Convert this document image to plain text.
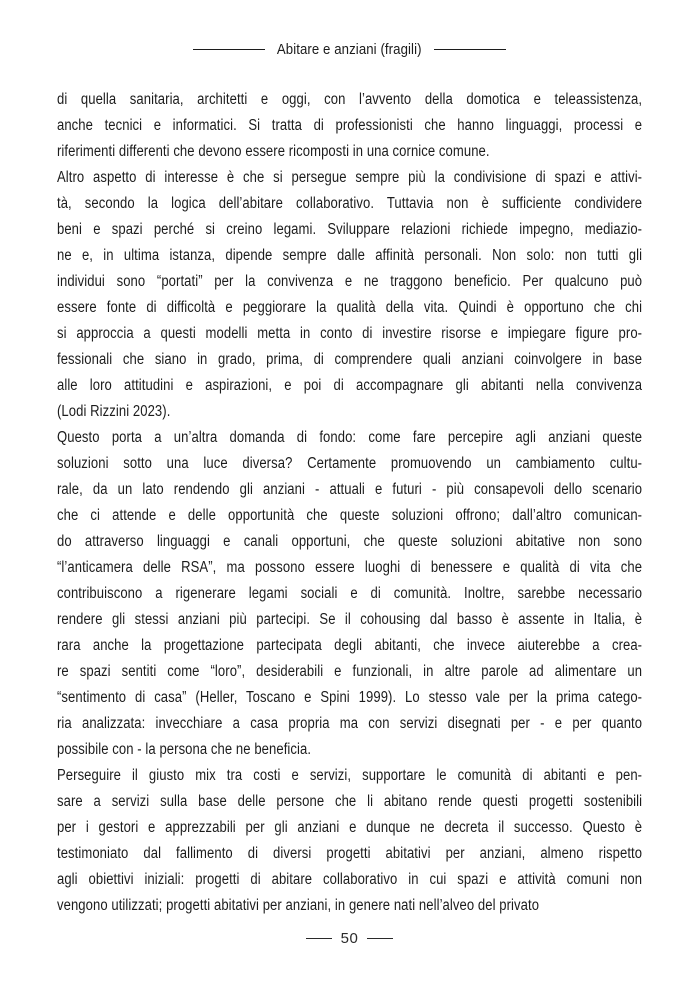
Abitare e anziani (fragili)
di quella sanitaria, architetti e oggi, con l’avvento della domotica e teleassistenza,
anche tecnici e informatici. Si tratta di professionisti che hanno linguaggi, processi e
riferimenti differenti che devono essere ricomposti in una cornice comune.
Altro aspetto di interesse è che si persegue sempre più la condivisione di spazi e attivi-
tà, secondo la logica dell’abitare collaborativo. Tuttavia non è sufficiente condividere
beni e spazi perché si creino legami. Sviluppare relazioni richiede impegno, mediazio-
ne e, in ultima istanza, dipende sempre dalle affinità personali. Non solo: non tutti gli
individui sono “portati” per la convivenza e ne traggono beneficio. Per qualcuno può
essere fonte di difficoltà e peggiorare la qualità della vita. Quindi è opportuno che chi
si approccia a questi modelli metta in conto di investire risorse e impiegare figure pro-
fessionali che siano in grado, prima, di comprendere quali anziani coinvolgere in base
alle loro attitudini e aspirazioni, e poi di accompagnare gli abitanti nella convivenza
(Lodi Rizzini 2023).
Questo porta a un’altra domanda di fondo: come fare percepire agli anziani queste
soluzioni sotto una luce diversa? Certamente promuovendo un cambiamento cultu-
rale, da un lato rendendo gli anziani - attuali e futuri - più consapevoli dello scenario
che ci attende e delle opportunità che queste soluzioni offrono; dall’altro comunican-
do attraverso linguaggi e canali opportuni, che queste soluzioni abitative non sono
“l’anticamera delle RSA”, ma possono essere luoghi di benessere e qualità di vita che
contribuiscono a rigenerare legami sociali e di comunità. Inoltre, sarebbe necessario
rendere gli stessi anziani più partecipi. Se il cohousing dal basso è assente in Italia, è
rara anche la progettazione partecipata degli abitanti, che invece aiuterebbe a crea-
re spazi sentiti come “loro”, desiderabili e funzionali, in altre parole ad alimentare un
“sentimento di casa” (Heller, Toscano e Spini 1999). Lo stesso vale per la prima catego-
ria analizzata: invecchiare a casa propria ma con servizi disegnati per - e per quanto
possibile con - la persona che ne beneficia.
Perseguire il giusto mix tra costi e servizi, supportare le comunità di abitanti e pen-
sare a servizi sulla base delle persone che li abitano rende questi progetti sostenibili
per i gestori e apprezzabili per gli anziani e dunque ne decreta il successo. Questo è
testimoniato dal fallimento di diversi progetti abitativi per anziani, almeno rispetto
agli obiettivi iniziali: progetti di abitare collaborativo in cui spazi e attività comuni non
vengono utilizzati; progetti abitativi per anziani, in genere nati nell’alveo del privato
50
